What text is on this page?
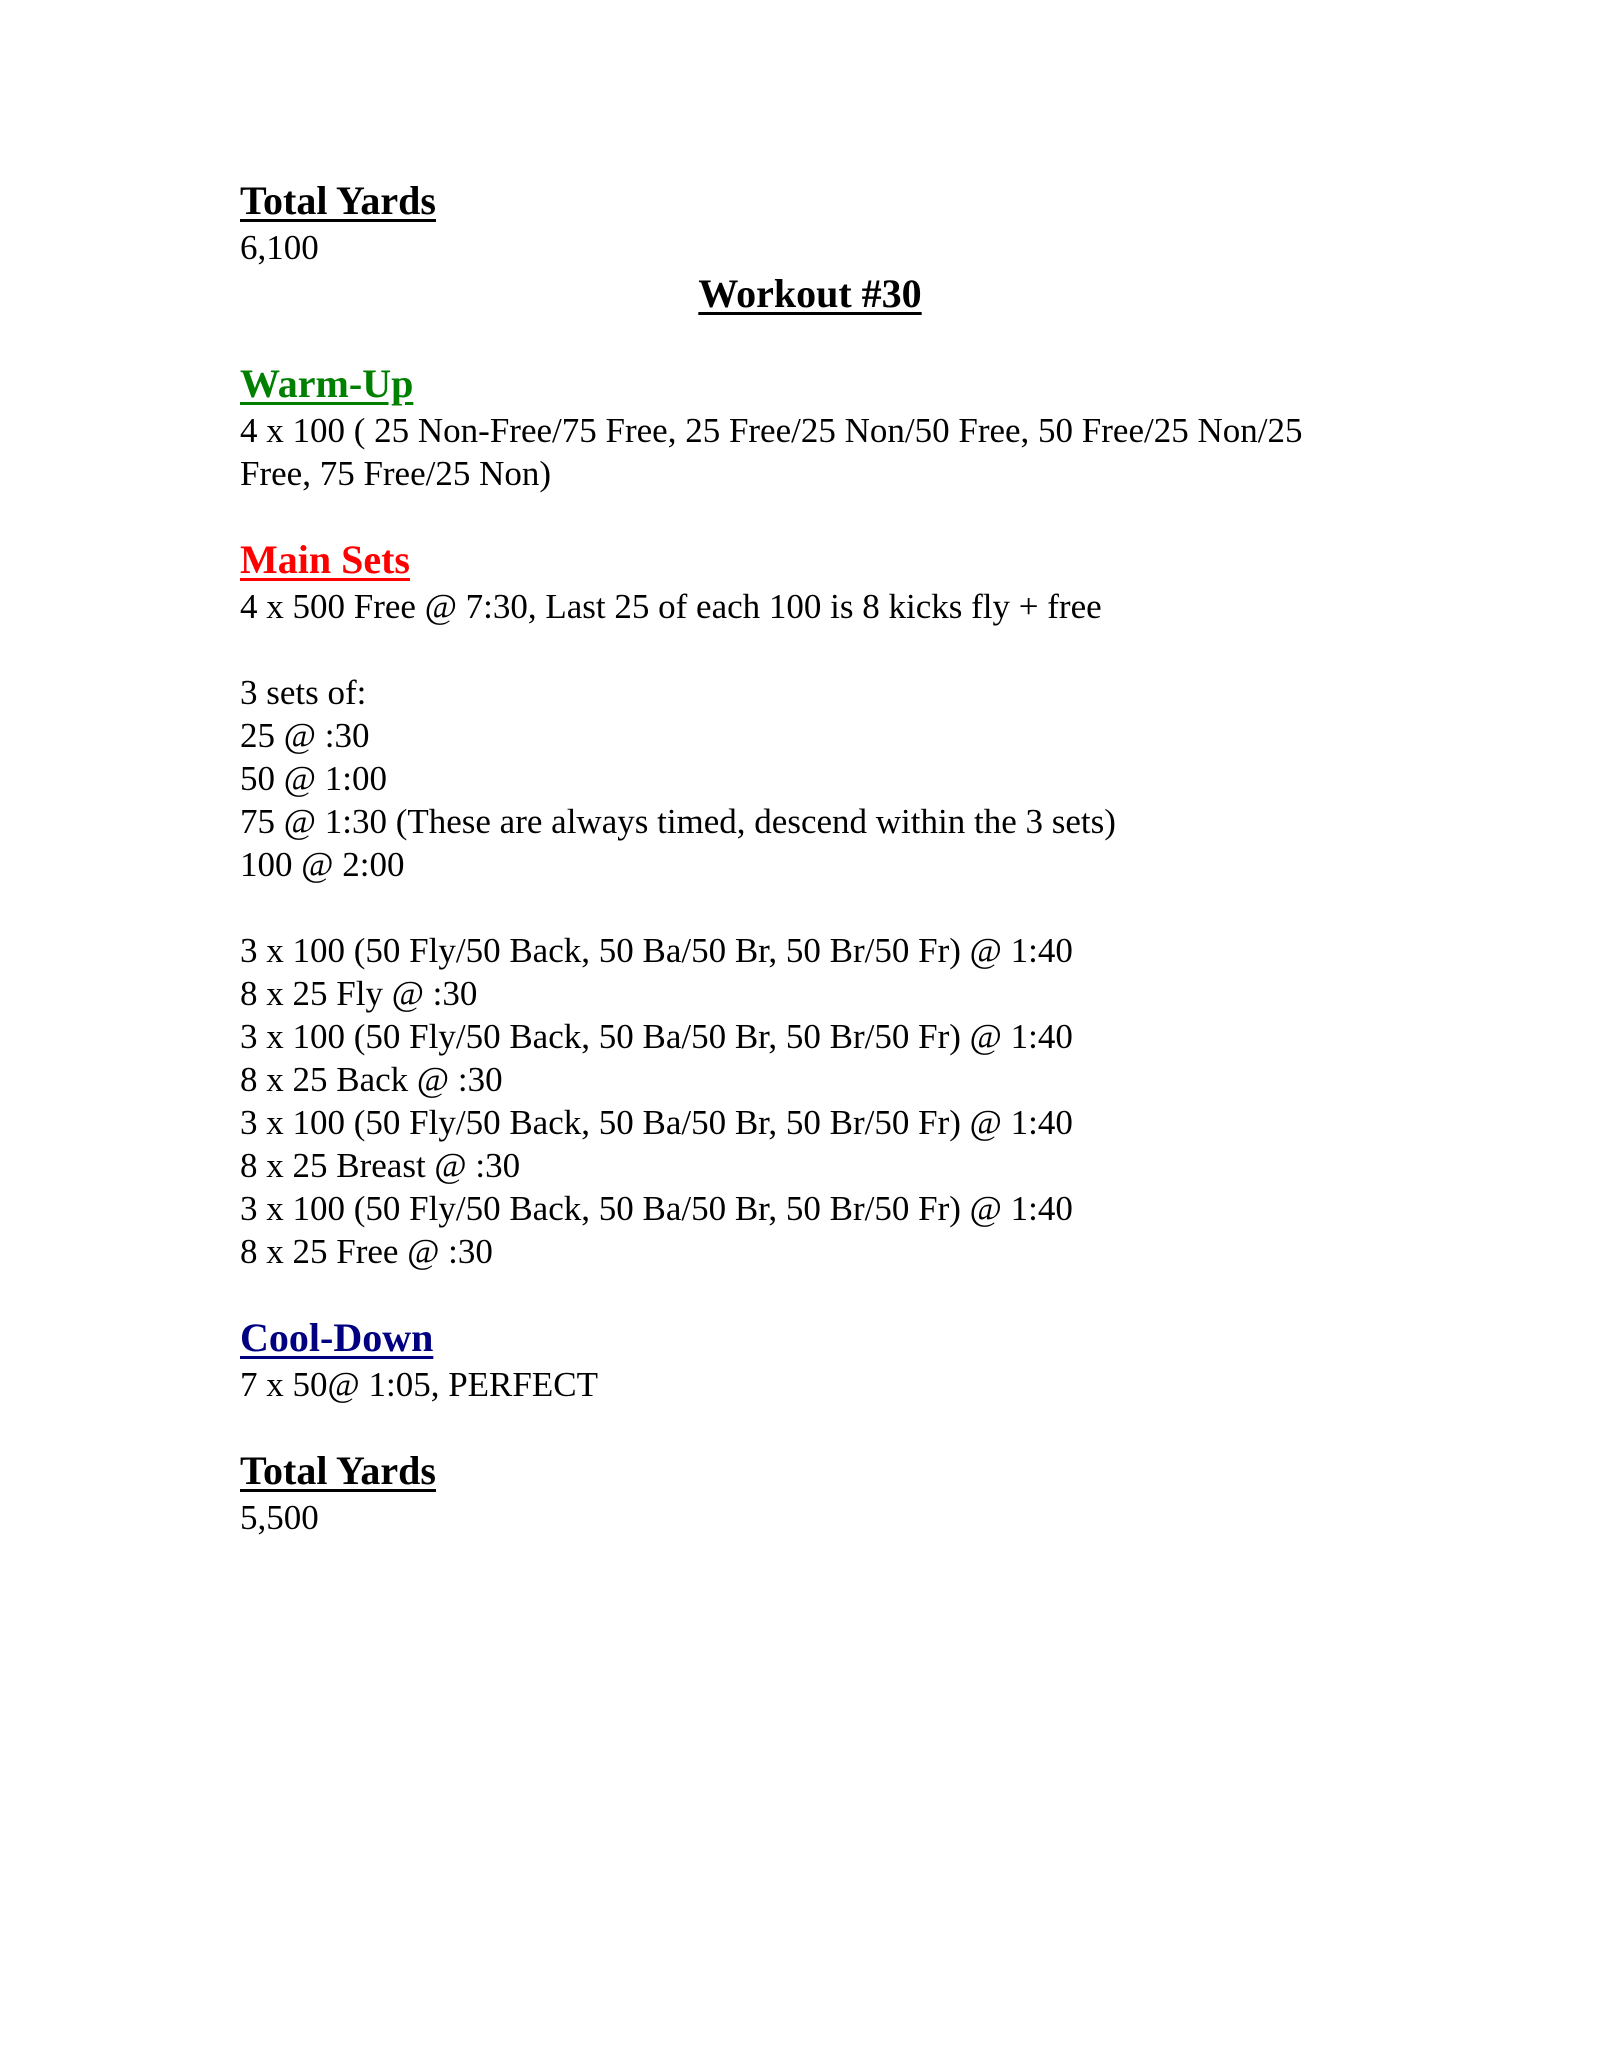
Total Yards

6,100

Workout #30

Warm-Up

4 x 100 ( 25 Non-Free/75 Free, 25 Free/25 Non/50 Free, 50 Free/25 Non/25 Free, 75 Free/25 Non)

Main Sets

4 x 500 Free @ 7:30, Last 25 of each 100 is 8 kicks fly + free

3 sets of:

25 @ :30

50 @ 1:00

75 @ 1:30 (These are always timed, descend within the 3 sets)

100 @ 2:00

3 x 100 (50 Fly/50 Back, 50 Ba/50 Br, 50 Br/50 Fr) @ 1:40

8 x 25 Fly @ :30

3 x 100 (50 Fly/50 Back, 50 Ba/50 Br, 50 Br/50 Fr) @ 1:40

8 x 25 Back @ :30

3 x 100 (50 Fly/50 Back, 50 Ba/50 Br, 50 Br/50 Fr) @ 1:40

8 x 25 Breast @ :30

3 x 100 (50 Fly/50 Back, 50 Ba/50 Br, 50 Br/50 Fr) @ 1:40

8 x 25 Free @ :30

Cool-Down

7 x 50@ 1:05, PERFECT

Total Yards

5,500
